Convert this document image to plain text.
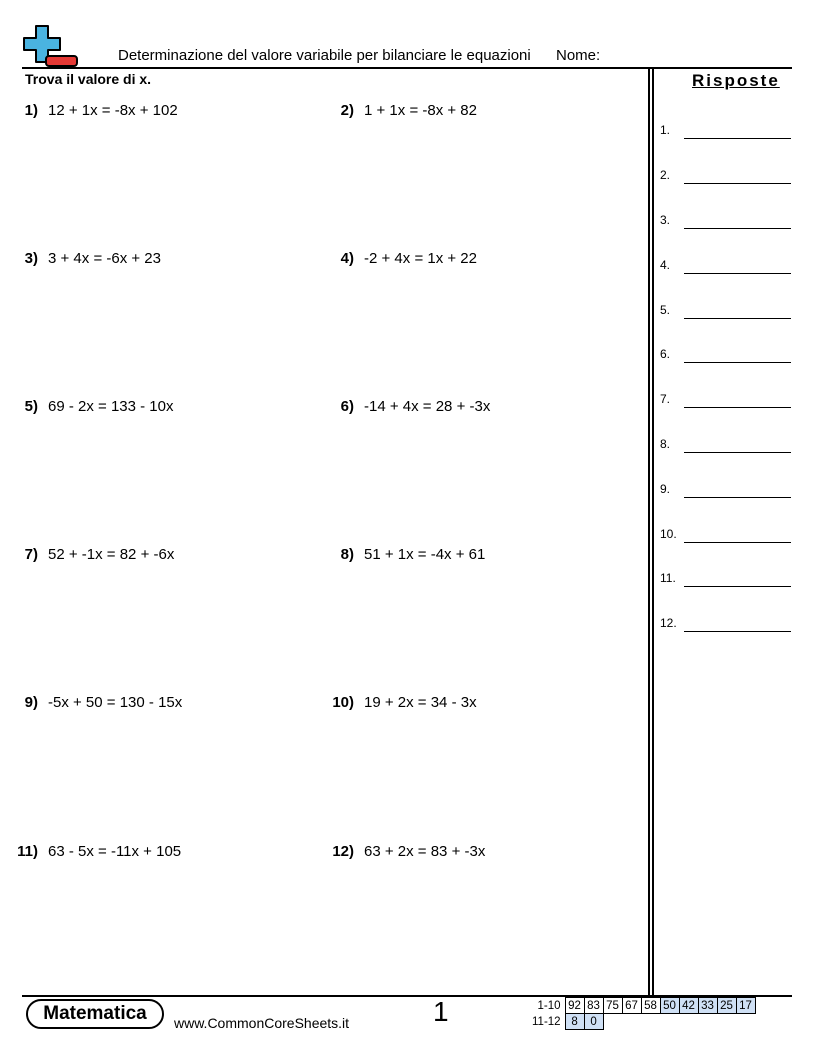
Determinazione del valore variabile per bilanciare le equazioni Nome:
Trova il valore di x.
1) 12 + 1x = -8x + 102	2) 1 + 1x = -8x + 82
3) 3 + 4x = -6x + 23	4) -2 + 4x = 1x + 22
5) 69 - 2x = 133 - 10x	6) -14 + 4x = 28 + -3x
7) 52 + -1x = 82 + -6x	8) 51 + 1x = -4x + 61
9) -5x + 50 = 130 - 15x	10) 19 + 2x = 34 - 3x
11) 63 - 5x = -11x + 105	12) 63 + 2x = 83 + -3x
Risposte
1.
2.
3.
4.
5.
6.
7.
8.
9.
10.
11.
12.
Matematica	www.CommonCoreSheets.it	1	1-10	92	83	75	67	58	50	42	33	25	17
11-12	8	0								
